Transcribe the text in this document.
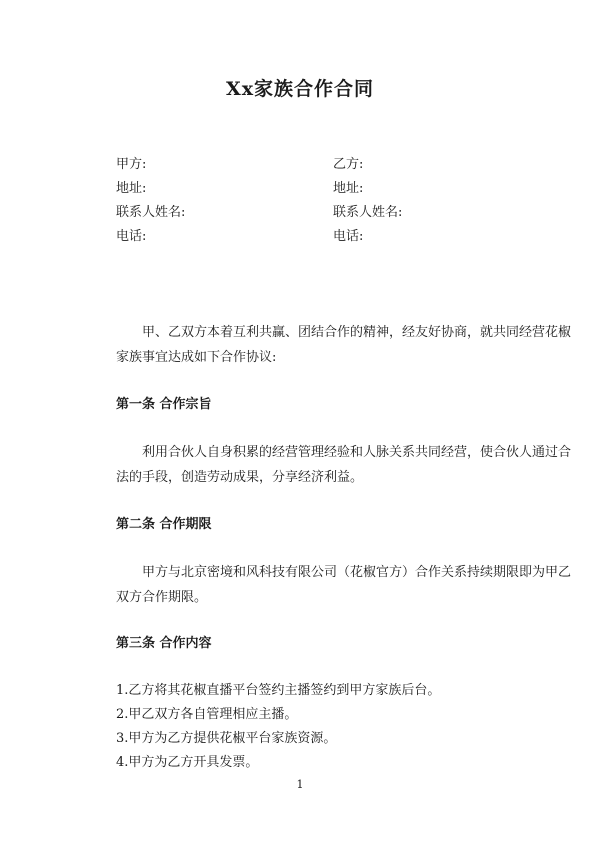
Xx家族合作合同
甲方:
地址:
联系人姓名:
电话:
乙方:
地址:
联系人姓名:
电话:
甲、乙双方本着互利共赢、团结合作的精神，经友好协商，就共同经营花椒
家族事宜达成如下合作协议:
第一条 合作宗旨
利用合伙人自身积累的经营管理经验和人脉关系共同经营，使合伙人通过合
法的手段，创造劳动成果，分享经济利益。
第二条 合作期限
甲方与北京密境和风科技有限公司（花椒官方）合作关系持续期限即为甲乙
双方合作期限。
第三条 合作内容
1.乙方将其花椒直播平台签约主播签约到甲方家族后台。
2.甲乙双方各自管理相应主播。
3.甲方为乙方提供花椒平台家族资源。
4.甲方为乙方开具发票。
1
